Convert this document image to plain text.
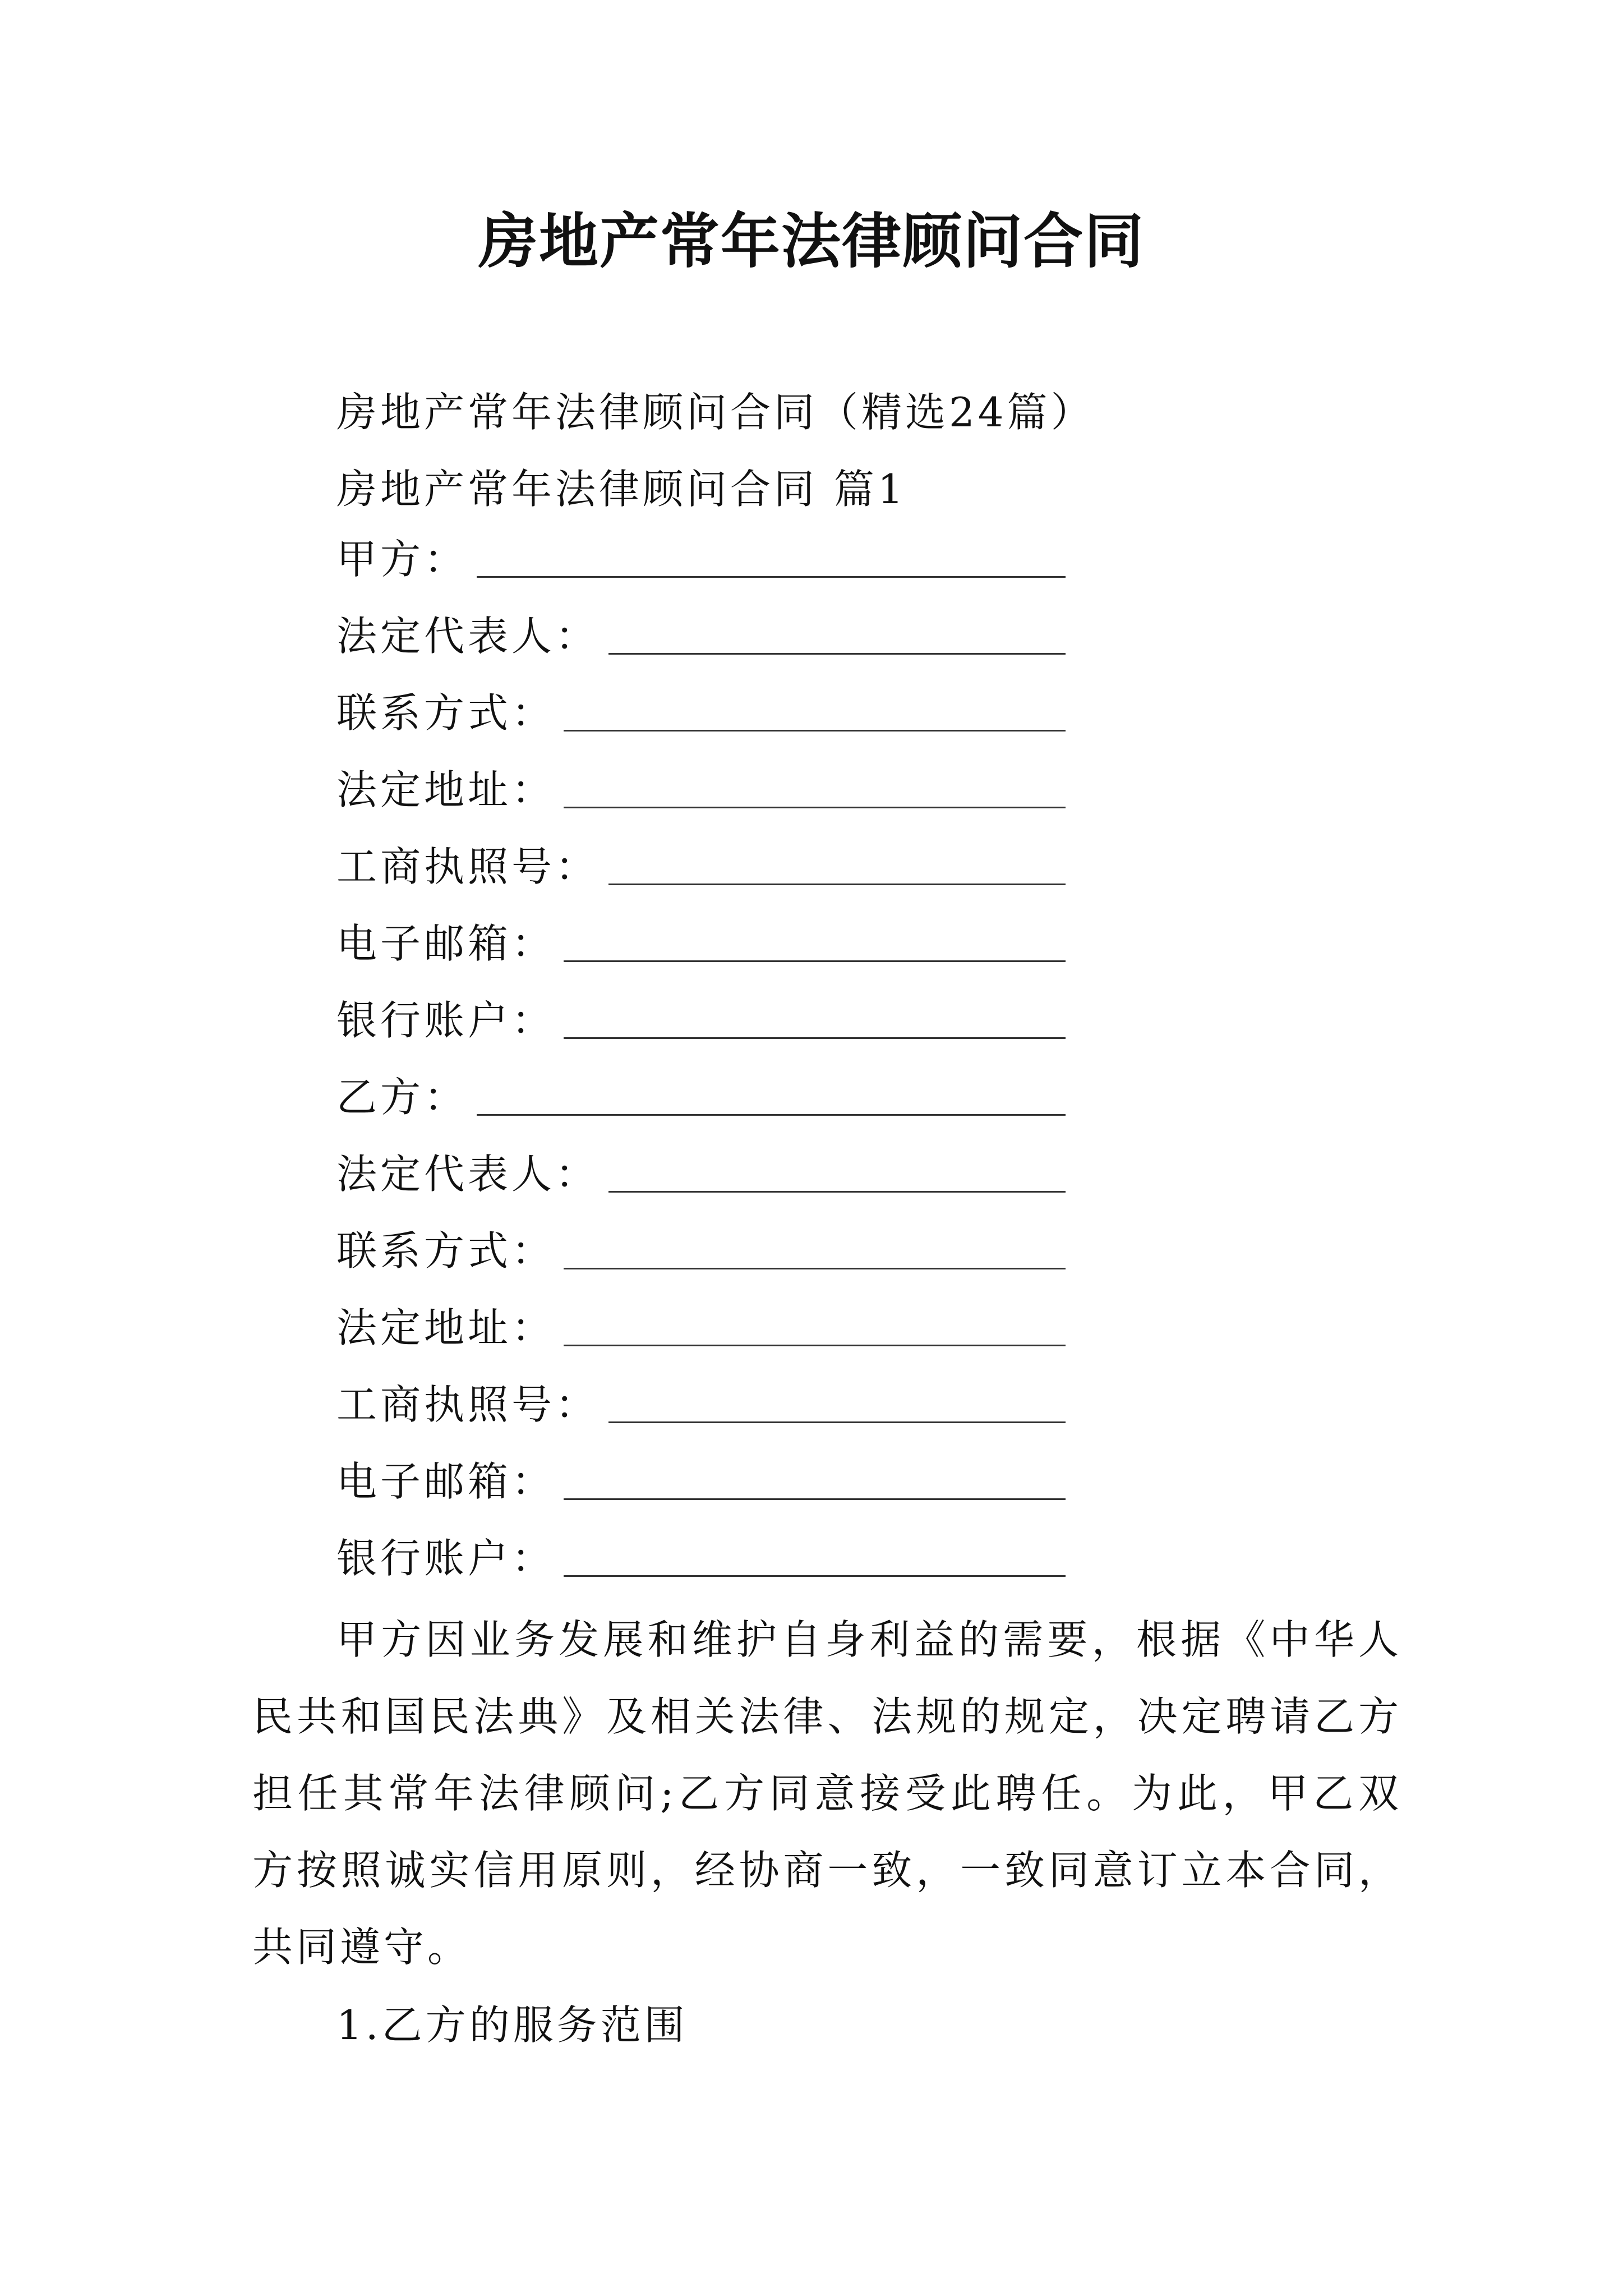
房地产常年法律顾问合同
房地产常年法律顾问合同（精选24篇）
房地产常年法律顾问合同 篇1
甲方：
法定代表人：
联系方式：
法定地址：
工商执照号：
电子邮箱：
银行账户：
乙方：
法定代表人：
联系方式：
法定地址：
工商执照号：
电子邮箱：
银行账户：
甲方因业务发展和维护自身利益的需要，根据《中华人民共和国民法典》及相关法律、法规的规定，决定聘请乙方担任其常年法律顾问;乙方同意接受此聘任。为此，甲乙双方按照诚实信用原则，经协商一致，一致同意订立本合同，共同遵守。
1.乙方的服务范围
